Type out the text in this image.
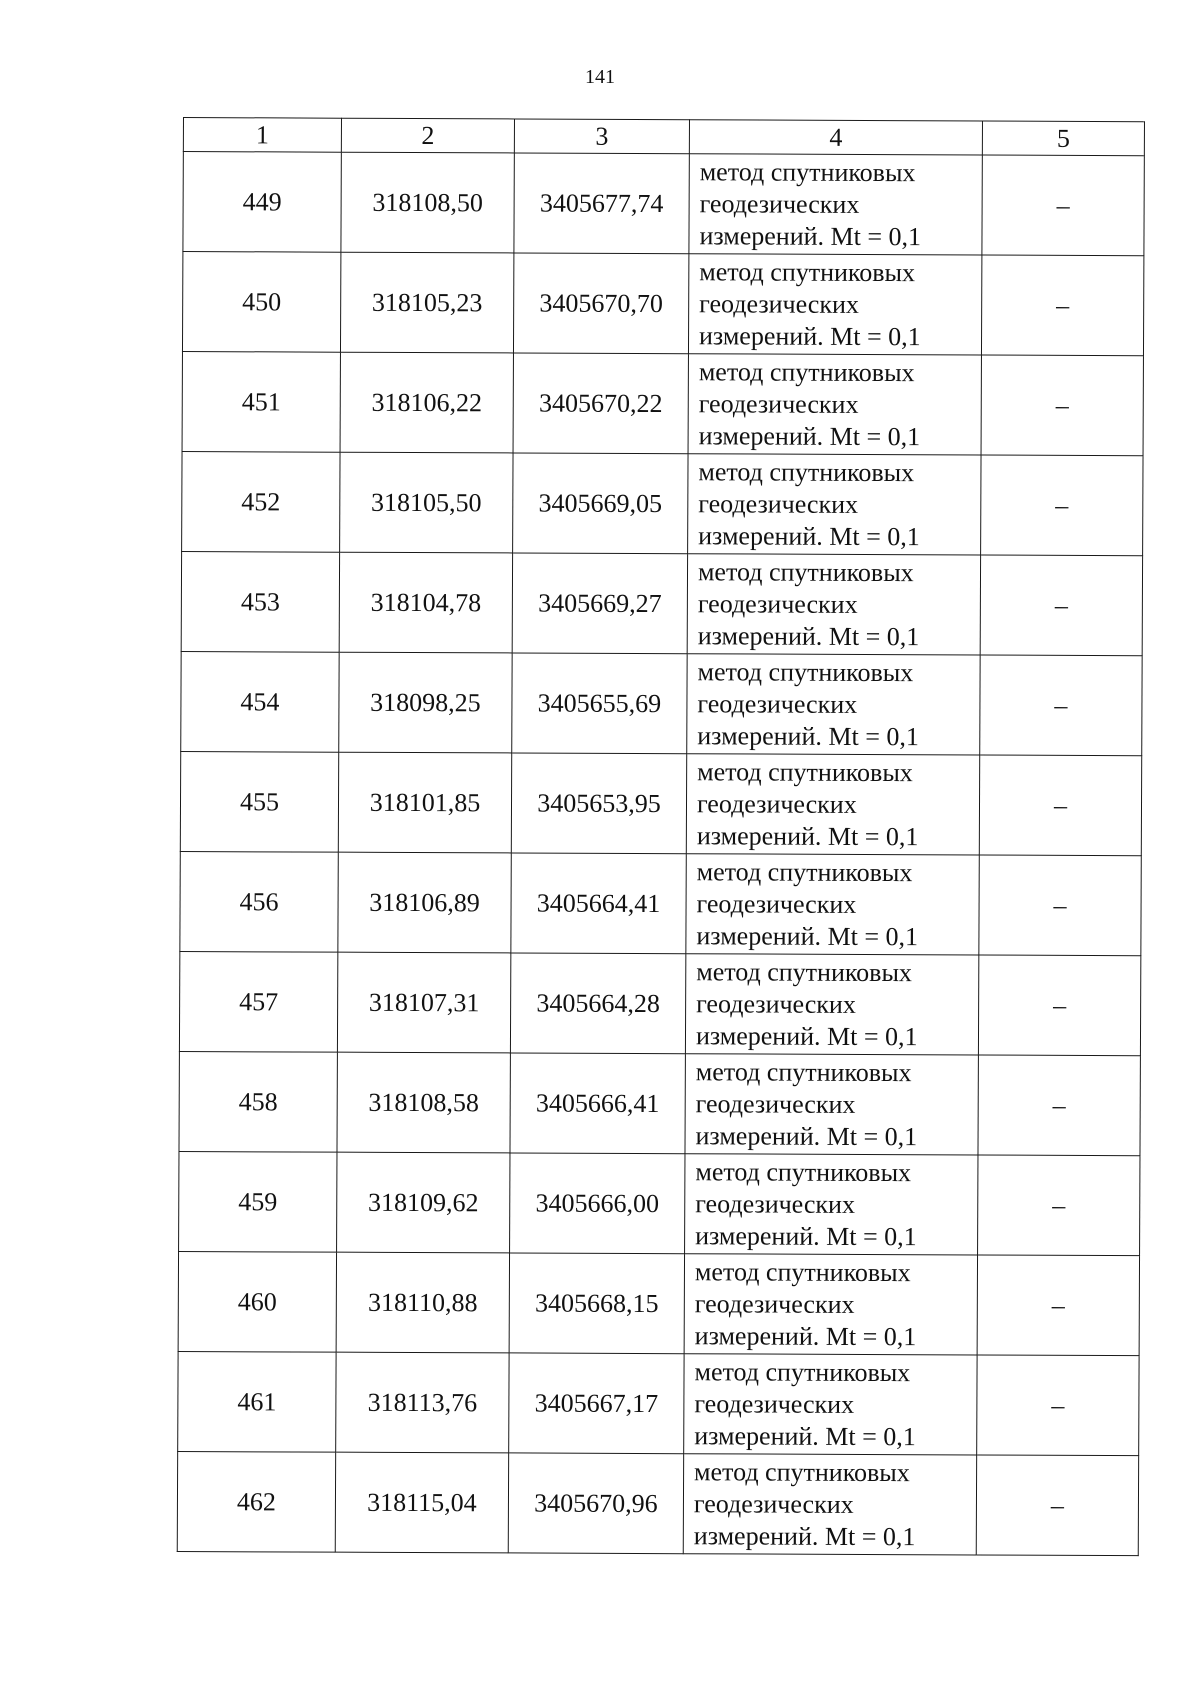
141
1	2	3	4	5
449	318108,50	3405677,74	метод спутниковых
геодезических
измерений. Mt = 0,1	–
450	318105,23	3405670,70	метод спутниковых
геодезических
измерений. Mt = 0,1	–
451	318106,22	3405670,22	метод спутниковых
геодезических
измерений. Mt = 0,1	–
452	318105,50	3405669,05	метод спутниковых
геодезических
измерений. Mt = 0,1	–
453	318104,78	3405669,27	метод спутниковых
геодезических
измерений. Mt = 0,1	–
454	318098,25	3405655,69	метод спутниковых
геодезических
измерений. Mt = 0,1	–
455	318101,85	3405653,95	метод спутниковых
геодезических
измерений. Mt = 0,1	–
456	318106,89	3405664,41	метод спутниковых
геодезических
измерений. Mt = 0,1	–
457	318107,31	3405664,28	метод спутниковых
геодезических
измерений. Mt = 0,1	–
458	318108,58	3405666,41	метод спутниковых
геодезических
измерений. Mt = 0,1	–
459	318109,62	3405666,00	метод спутниковых
геодезических
измерений. Mt = 0,1	–
460	318110,88	3405668,15	метод спутниковых
геодезических
измерений. Mt = 0,1	–
461	318113,76	3405667,17	метод спутниковых
геодезических
измерений. Mt = 0,1	–
462	318115,04	3405670,96	метод спутниковых
геодезических
измерений. Mt = 0,1	–
